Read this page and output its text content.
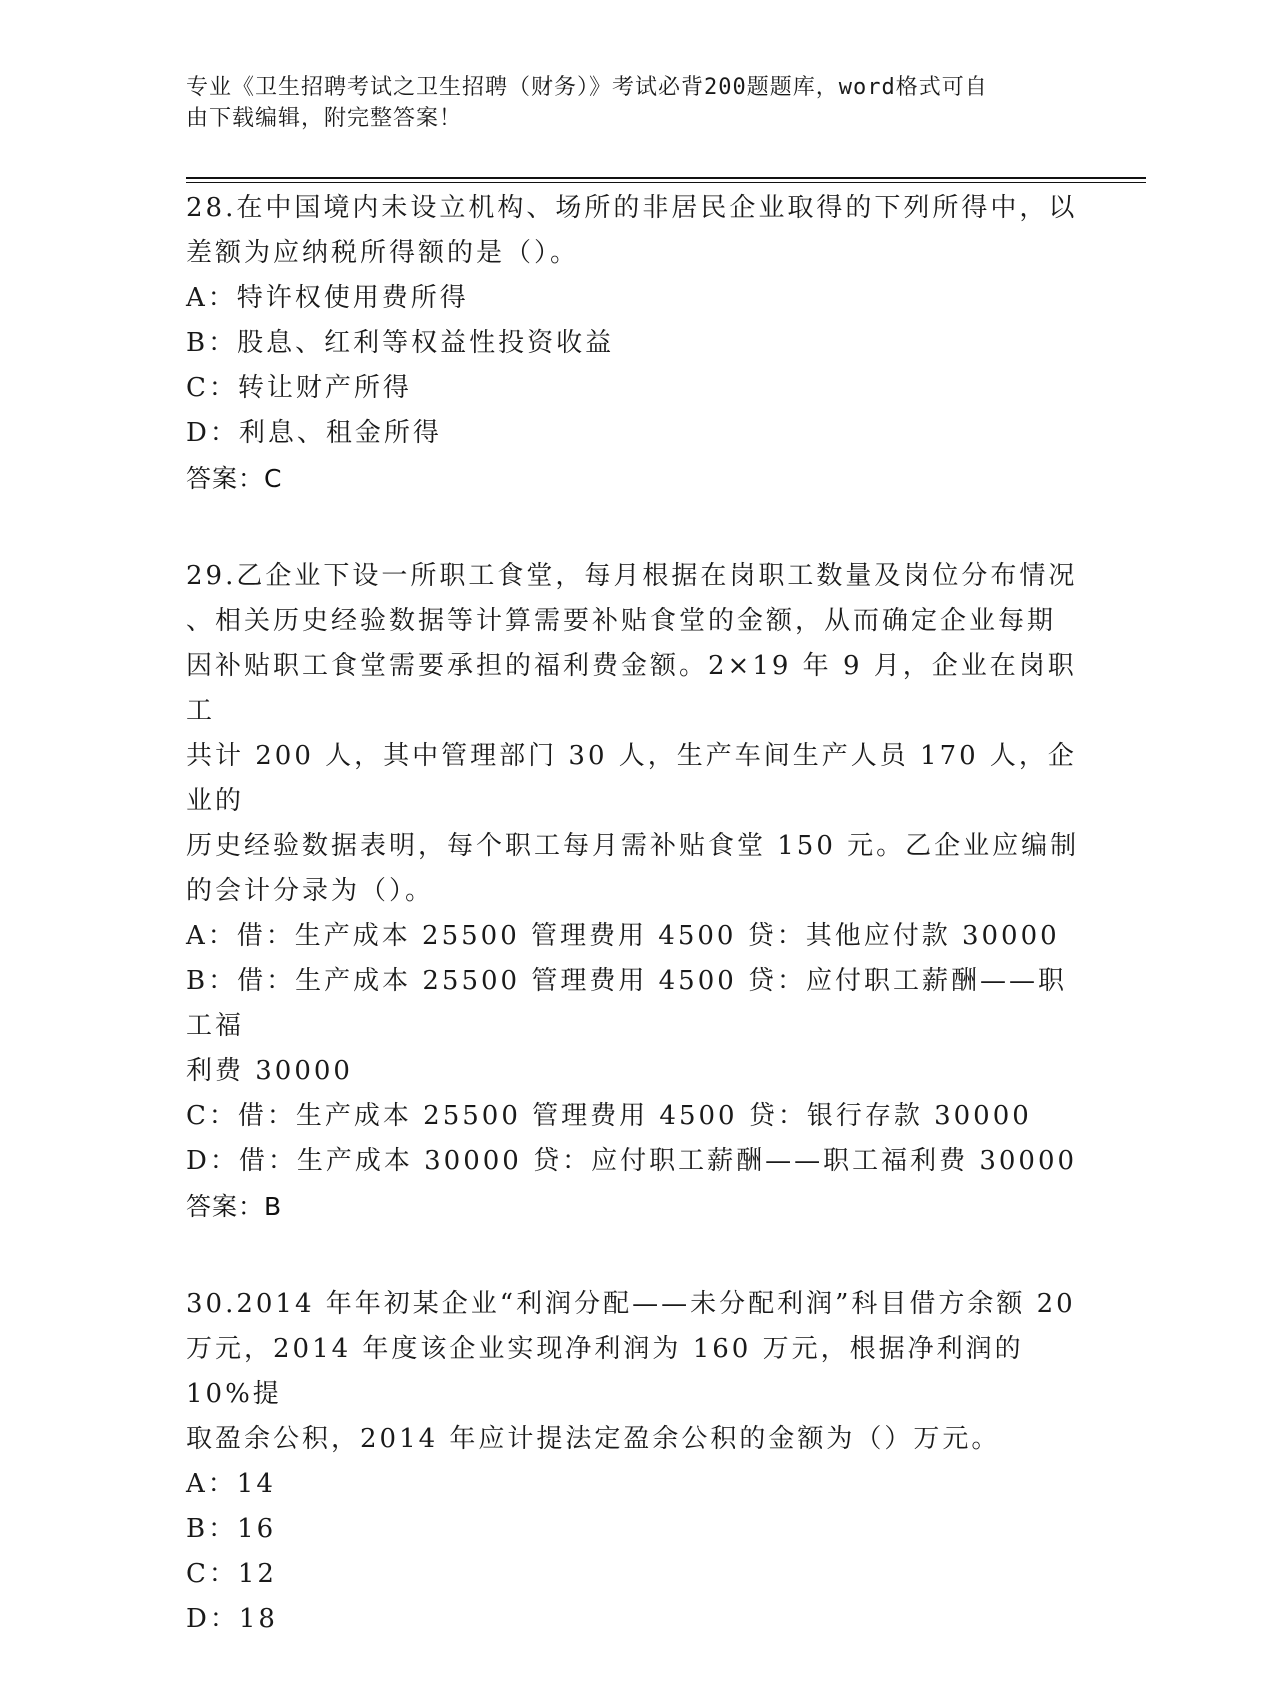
专业《卫生招聘考试之卫生招聘（财务）》考试必背200题题库，word格式可自
由下载编辑，附完整答案！

28.在中国境内未设立机构、场所的非居民企业取得的下列所得中，以

差额为应纳税所得额的是（）。

A：特许权使用费所得

B：股息、红利等权益性投资收益

C：转让财产所得

D：利息、租金所得

答案：C

29.乙企业下设一所职工食堂，每月根据在岗职工数量及岗位分布情况

、相关历史经验数据等计算需要补贴食堂的金额，从而确定企业每期

因补贴职工食堂需要承担的福利费金额。2×19 年 9 月，企业在岗职工

共计 200 人，其中管理部门 30 人，生产车间生产人员 170 人，企业的

历史经验数据表明，每个职工每月需补贴食堂 150 元。乙企业应编制

的会计分录为（）。

A：借：生产成本 25500 管理费用 4500 贷：其他应付款 30000

B：借：生产成本 25500 管理费用 4500 贷：应付职工薪酬——职工福

利费 30000

C：借：生产成本 25500 管理费用 4500 贷：银行存款 30000

D：借：生产成本 30000 贷：应付职工薪酬——职工福利费 30000

答案：B

30.2014 年年初某企业“利润分配——未分配利润”科目借方余额 20

万元，2014 年度该企业实现净利润为 160 万元，根据净利润的 10%提

取盈余公积，2014 年应计提法定盈余公积的金额为（）万元。

A：14

B：16

C：12

D：18
